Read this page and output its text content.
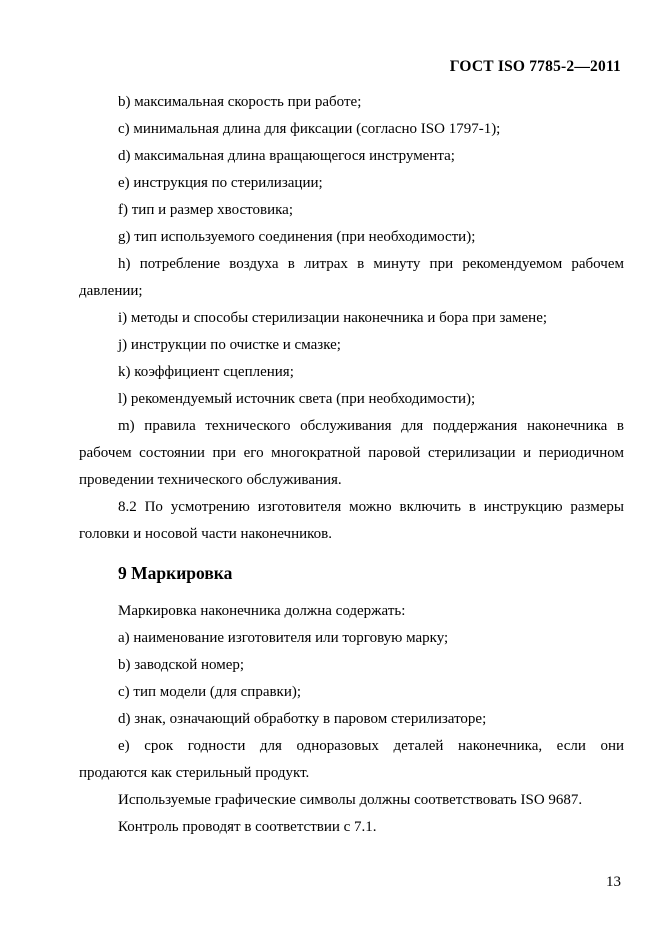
ГОСТ ISO 7785-2—2011
b) максимальная скорость при работе;
c) минимальная длина для фиксации (согласно ISO 1797-1);
d) максимальная длина вращающегося инструмента;
e) инструкция по стерилизации;
f) тип и размер хвостовика;
g) тип используемого соединения (при необходимости);
h) потребление воздуха в литрах в минуту при рекомендуемом рабочем
давлении;
i) методы и способы стерилизации наконечника и бора при замене;
j) инструкции по очистке и смазке;
k) коэффициент сцепления;
l) рекомендуемый источник света (при необходимости);
m) правила технического обслуживания для поддержания наконечника в
рабочем состоянии при его многократной паровой стерилизации и периодичном
проведении технического обслуживания.
8.2 По усмотрению изготовителя можно включить в инструкцию размеры
головки и носовой части наконечников.
9 Маркировка
Маркировка наконечника должна содержать:
a) наименование изготовителя или торговую марку;
b) заводской номер;
c) тип модели (для справки);
d) знак, означающий обработку в паровом стерилизаторе;
e) срок годности для одноразовых деталей наконечника, если они
продаются как стерильный продукт.
Используемые графические символы должны соответствовать ISO 9687.
Контроль проводят в соответствии с 7.1.
13
